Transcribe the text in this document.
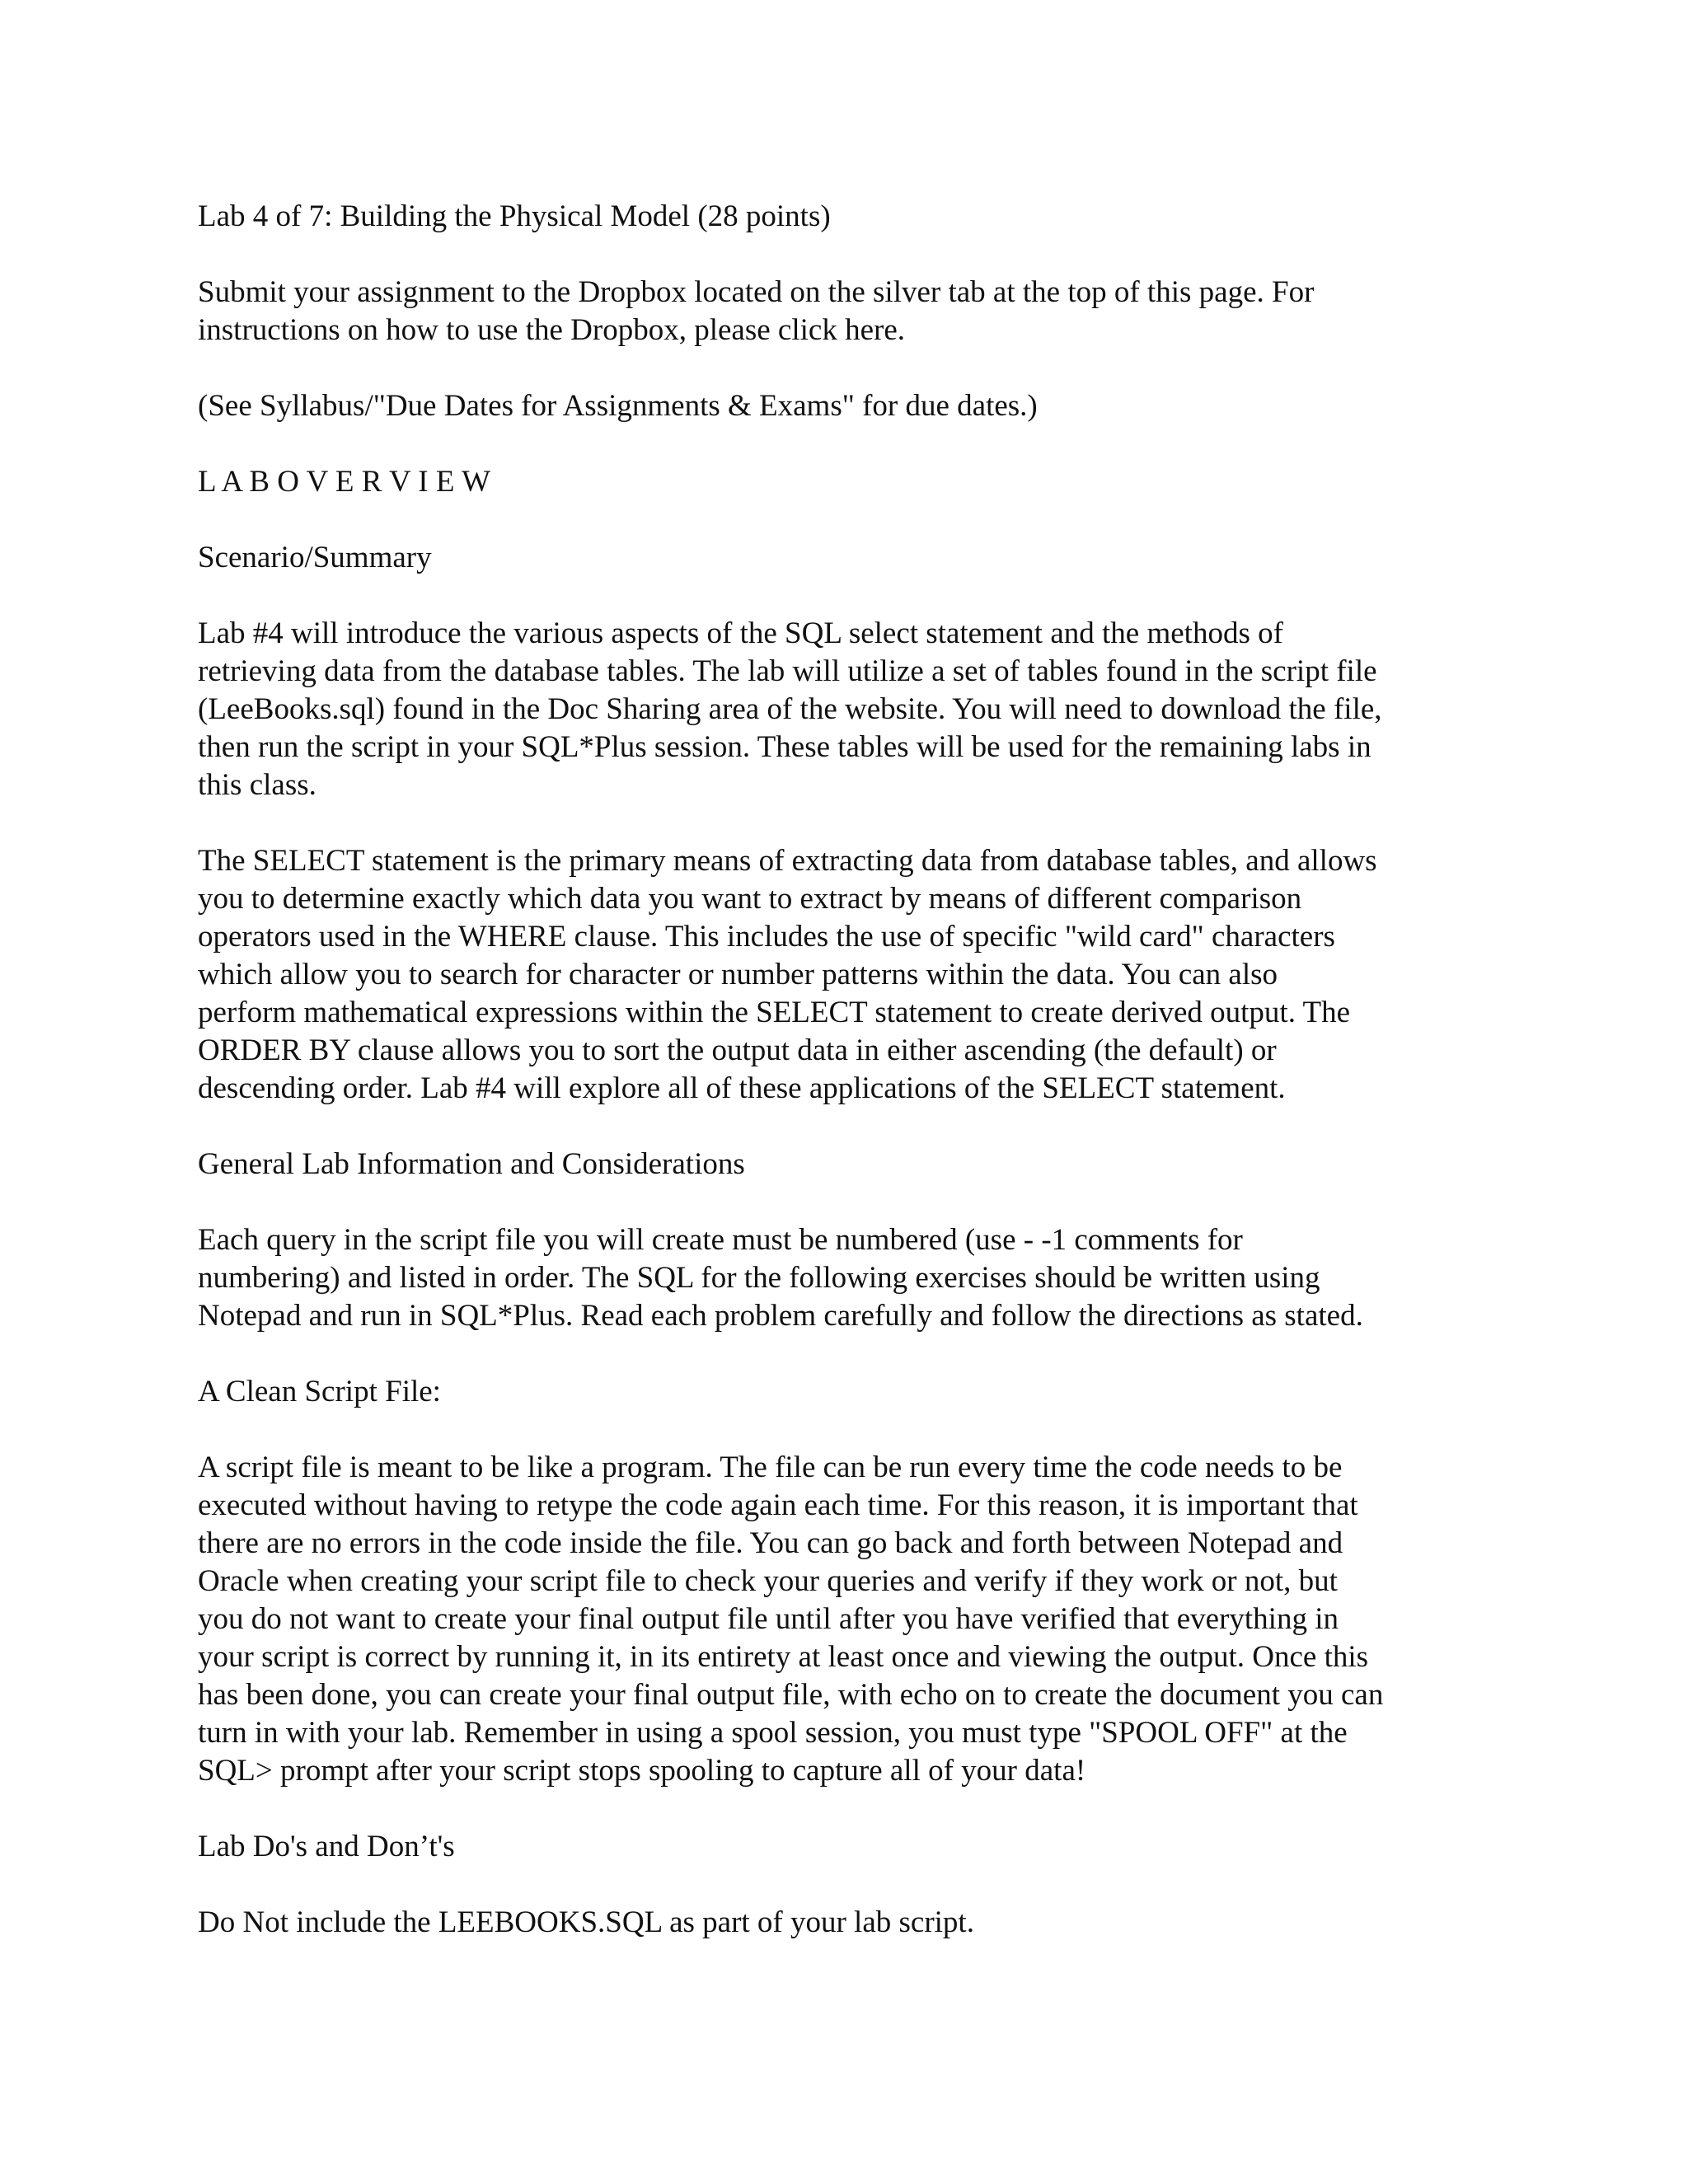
Lab 4 of 7: Building the Physical Model (28 points)

Submit your assignment to the Dropbox located on the silver tab at the top of this page. For
instructions on how to use the Dropbox, please click here.

(See Syllabus/"Due Dates for Assignments & Exams" for due dates.)

L A B O V E R V I E W

Scenario/Summary

Lab #4 will introduce the various aspects of the SQL select statement and the methods of
retrieving data from the database tables. The lab will utilize a set of tables found in the script file
(LeeBooks.sql) found in the Doc Sharing area of the website. You will need to download the file,
then run the script in your SQL*Plus session. These tables will be used for the remaining labs in
this class.

The SELECT statement is the primary means of extracting data from database tables, and allows
you to determine exactly which data you want to extract by means of different comparison
operators used in the WHERE clause. This includes the use of specific "wild card" characters
which allow you to search for character or number patterns within the data. You can also
perform mathematical expressions within the SELECT statement to create derived output. The
ORDER BY clause allows you to sort the output data in either ascending (the default) or
descending order. Lab #4 will explore all of these applications of the SELECT statement.

General Lab Information and Considerations

Each query in the script file you will create must be numbered (use - -1 comments for
numbering) and listed in order. The SQL for the following exercises should be written using
Notepad and run in SQL*Plus. Read each problem carefully and follow the directions as stated.

A Clean Script File:

A script file is meant to be like a program. The file can be run every time the code needs to be
executed without having to retype the code again each time. For this reason, it is important that
there are no errors in the code inside the file. You can go back and forth between Notepad and
Oracle when creating your script file to check your queries and verify if they work or not, but
you do not want to create your final output file until after you have verified that everything in
your script is correct by running it, in its entirety at least once and viewing the output. Once this
has been done, you can create your final output file, with echo on to create the document you can
turn in with your lab. Remember in using a spool session, you must type "SPOOL OFF" at the
SQL> prompt after your script stops spooling to capture all of your data!

Lab Do's and Don’t's

Do Not include the LEEBOOKS.SQL as part of your lab script.
